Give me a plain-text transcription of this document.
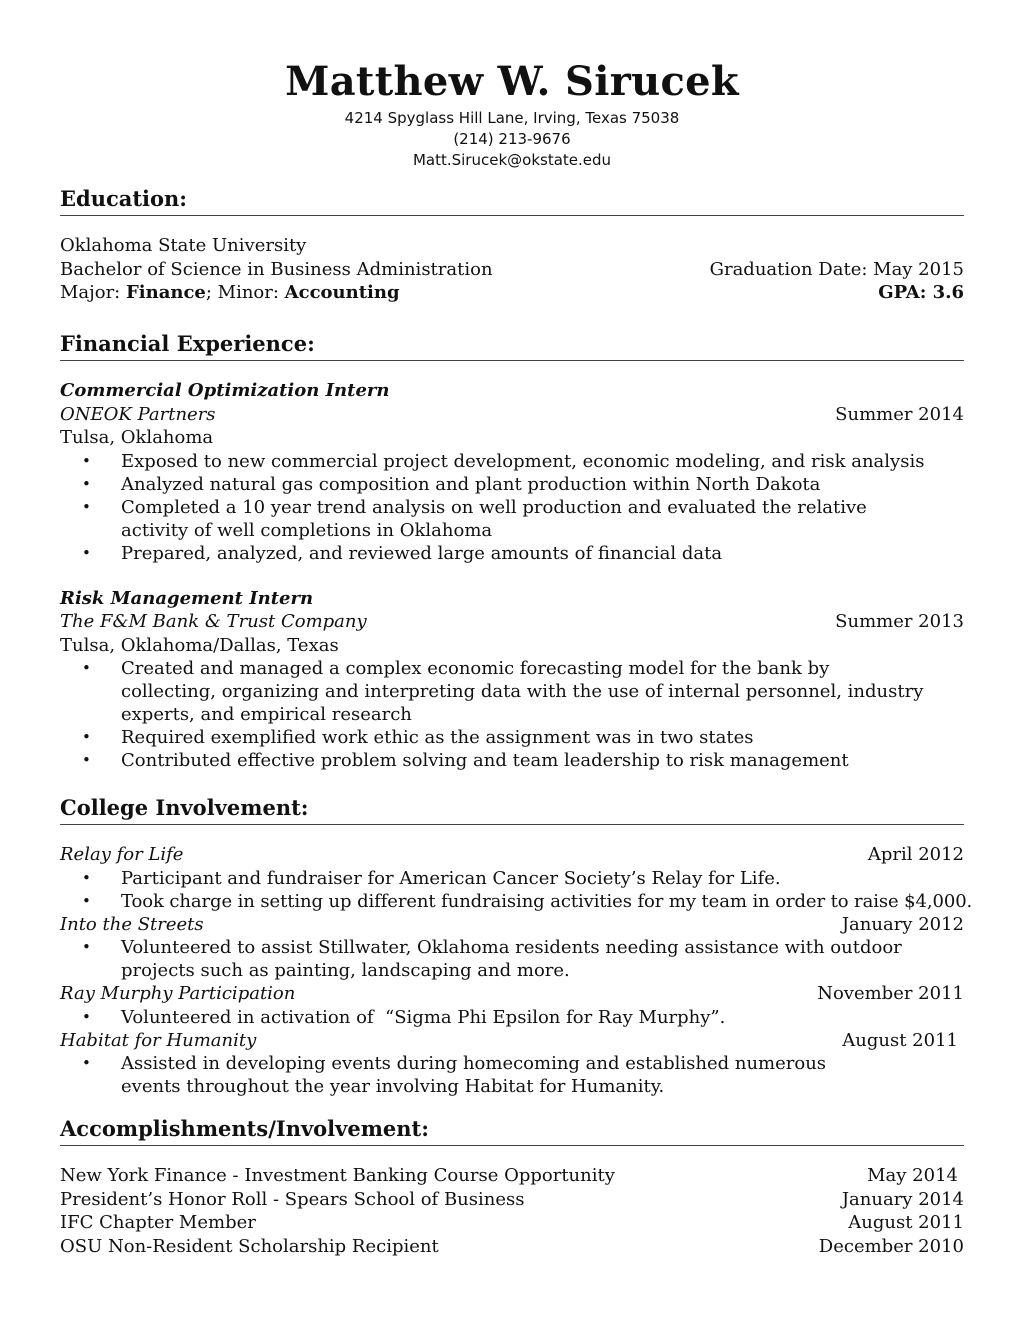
Matthew W. Sirucek
4214 Spyglass Hill Lane, Irving, Texas 75038
(214) 213-9676
Matt.Sirucek@okstate.edu
Education:
Oklahoma State University
Bachelor of Science in Business Administration	Graduation Date: May 2015
Major: Finance; Minor: Accounting	GPA: 3.6
Financial Experience:
Commercial Optimization Intern
ONEOK Partners	Summer 2014
Tulsa, Oklahoma
• Exposed to new commercial project development, economic modeling, and risk analysis
• Analyzed natural gas composition and plant production within North Dakota
• Completed a 10 year trend analysis on well production and evaluated the relative activity of well completions in Oklahoma
• Prepared, analyzed, and reviewed large amounts of financial data
Risk Management Intern
The F&M Bank & Trust Company	Summer 2013
Tulsa, Oklahoma/Dallas, Texas
• Created and managed a complex economic forecasting model for the bank by collecting, organizing and interpreting data with the use of internal personnel, industry experts, and empirical research
• Required exemplified work ethic as the assignment was in two states
• Contributed effective problem solving and team leadership to risk management
College Involvement:
Relay for Life	April 2012
• Participant and fundraiser for American Cancer Society’s Relay for Life.
• Took charge in setting up different fundraising activities for my team in order to raise $4,000.
Into the Streets	January 2012
• Volunteered to assist Stillwater, Oklahoma residents needing assistance with outdoor projects such as painting, landscaping and more.
Ray Murphy Participation	November 2011
• Volunteered in activation of  “Sigma Phi Epsilon for Ray Murphy”.
Habitat for Humanity	August 2011
• Assisted in developing events during homecoming and established numerous events throughout the year involving Habitat for Humanity.
Accomplishments/Involvement:
New York Finance - Investment Banking Course Opportunity	May 2014
President’s Honor Roll - Spears School of Business	January 2014
IFC Chapter Member	August 2011
OSU Non-Resident Scholarship Recipient	December 2010
